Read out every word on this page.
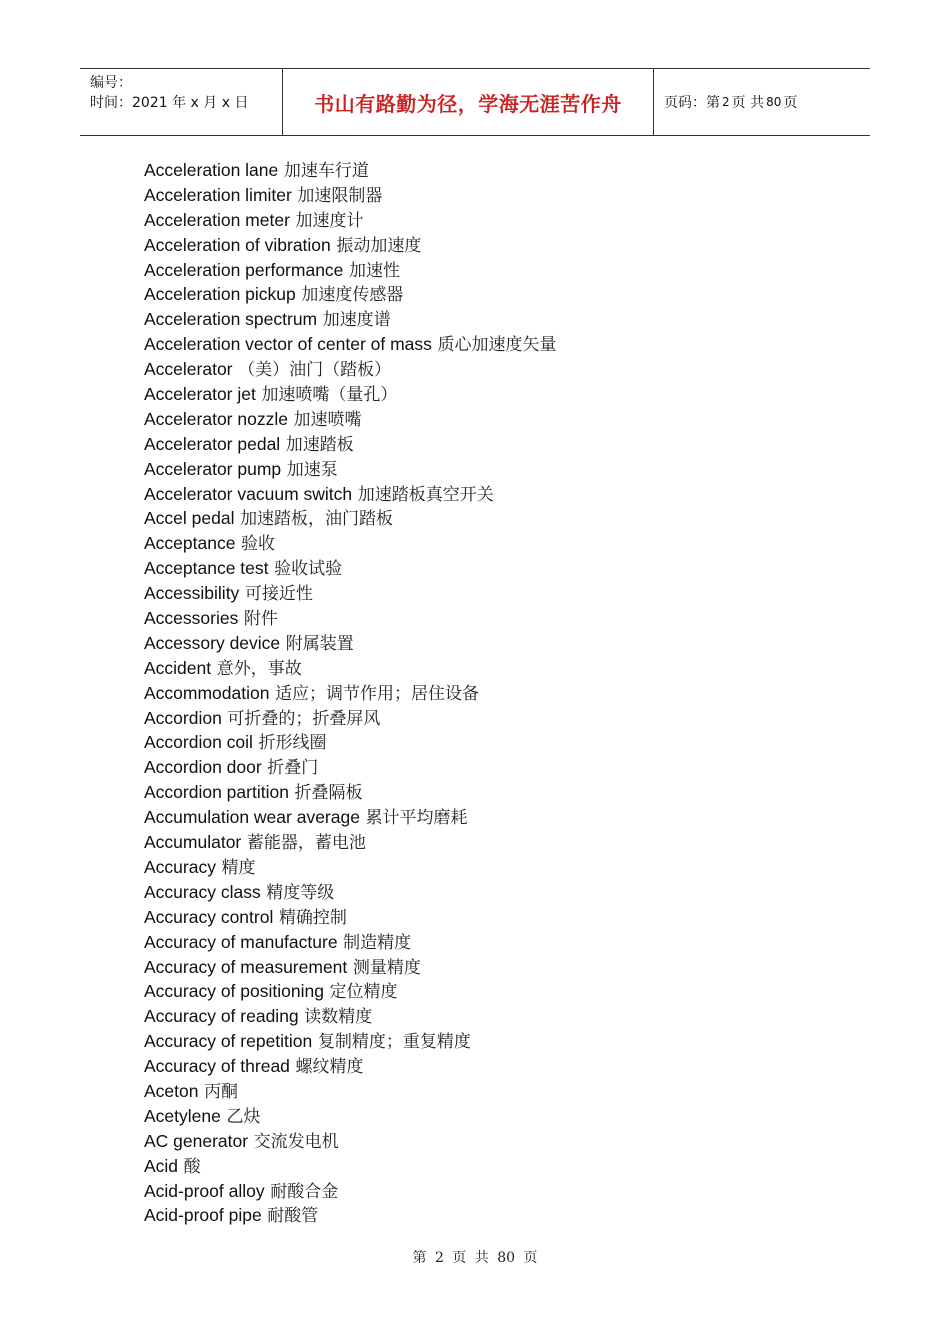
编号：
时间：2021 年 x 月 x 日	书山有路勤为径，学海无涯苦作舟	页码：第 2 页 共 80 页
Acceleration lane 加速车行道
Acceleration limiter 加速限制器
Acceleration meter 加速度计
Acceleration of vibration 振动加速度
Acceleration performance 加速性
Acceleration pickup 加速度传感器
Acceleration spectrum 加速度谱
Acceleration vector of center of mass 质心加速度矢量
Accelerator （美）油门（踏板）
Accelerator jet 加速喷嘴（量孔）
Accelerator nozzle 加速喷嘴
Accelerator pedal 加速踏板
Accelerator pump 加速泵
Accelerator vacuum switch 加速踏板真空开关
Accel pedal 加速踏板，油门踏板
Acceptance 验收
Acceptance test 验收试验
Accessibility 可接近性
Accessories 附件
Accessory device 附属装置
Accident 意外，事故
Accommodation 适应；调节作用；居住设备
Accordion 可折叠的；折叠屏风
Accordion coil 折形线圈
Accordion door 折叠门
Accordion partition 折叠隔板
Accumulation wear average 累计平均磨耗
Accumulator 蓄能器，蓄电池
Accuracy 精度
Accuracy class 精度等级
Accuracy control 精确控制
Accuracy of manufacture 制造精度
Accuracy of measurement 测量精度
Accuracy of positioning 定位精度
Accuracy of reading 读数精度
Accuracy of repetition 复制精度；重复精度
Accuracy of thread 螺纹精度
Aceton 丙酮
Acetylene 乙炔
AC generator 交流发电机
Acid 酸
Acid-proof alloy 耐酸合金
Acid-proof pipe 耐酸管
第 2 页 共 80 页
